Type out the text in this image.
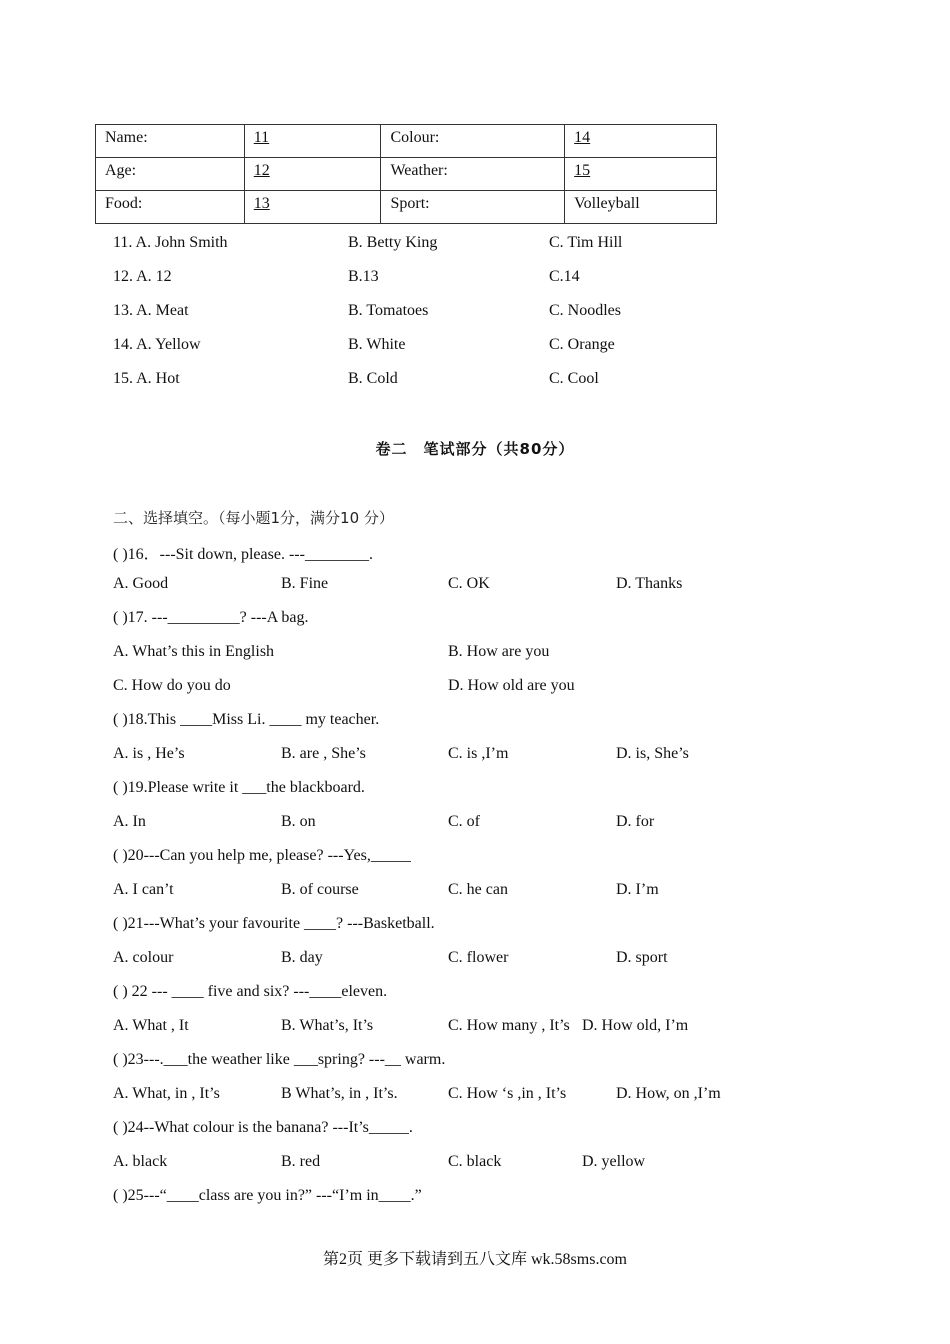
Name:	11	Colour:	14
Age:	12	Weather:	15
Food:	13	Sport:	Volleyball
11. A. John Smith	B. Betty King	C. Tim Hill
12. A. 12	B.13	C.14
13. A. Meat	B. Tomatoes	C. Noodles
14. A. Yellow	B. White	C. Orange
15. A. Hot	B. Cold	C. Cool
卷二　笔试部分（共80分）
二、选择填空。（每小题1分，满分10 分）
( )16．---Sit down, please. ---________.
A. Good	B. Fine	C. OK	D. Thanks
( )17. ---_________? ---A bag.
A. What’s this in English	B. How are you
C. How do you do	D. How old are you
( )18.This ____Miss Li. ____ my teacher.
A. is , He’s	B. are , She’s	C. is ,I’m	D. is, She’s
( )19.Please write it ___the blackboard.
A. In	B. on	C. of	D. for
( )20---Can you help me, please? ---Yes,_____
A. I can’t	B. of course	C. he can	D. I’m
( )21---What’s your favourite ____? ---Basketball.
A. colour	B. day	C. flower	D. sport
( ) 22 --- ____ five and six? ---____eleven.
A. What , It	B. What’s, It’s	C. How many , It’s D. How old, I’m
( )23---.___the weather like ___spring? ---__ warm.
A. What, in , It’s	B What’s, in , It’s.	C. How ‘s ,in , It’s	D. How, on ,I’m
( )24--What colour is the banana? ---It’s_____.
A. black	B. red	C. black	D. yellow
( )25---“____class are you in?” ---“I’m in____.”
第2页 更多下载请到五八文库 wk.58sms.com
